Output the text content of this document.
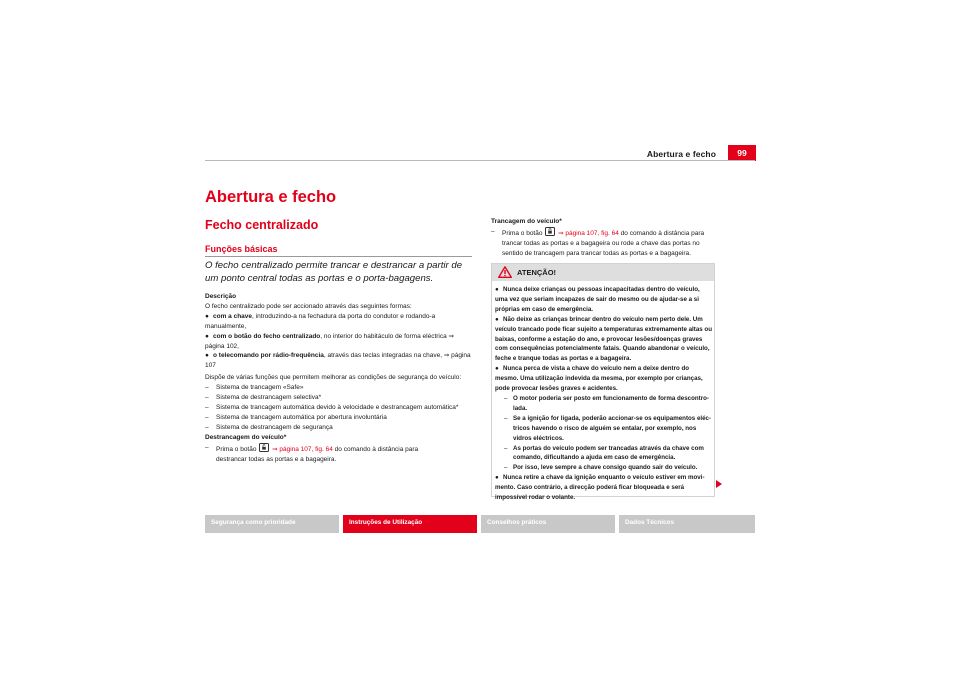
Abertura e fecho	99
Abertura e fecho
Fecho centralizado
Funções básicas
O fecho centralizado permite trancar e destrancar a partir de um ponto central todas as portas e o porta-bagagens.

Descrição

O fecho centralizado pode ser accionado através das seguintes formas:

● com a chave, introduzindo-a na fechadura da porta do condutor e rodando-a manualmente,

● com o botão do fecho centralizado, no interior do habitáculo de forma eléctrica ⇒ página 102,

● o telecomando por rádio-frequência, através das teclas integradas na chave, ⇒ página 107

Dispõe de várias funções que permitem melhorar as condições de segurança do veículo:

–	Sistema de trancagem «Safe»
–	Sistema de destrancagem selectiva*
–	Sistema de trancagem automática devido à velocidade e destrancagem automática*
–	Sistema de trancagem automática por abertura involuntária
–	Sistema de destrancagem de segurança

Destrancagem do veículo*

–	Prima o botão ⇒ página 107, fig. 64 do comando à distância para
destrancar todas as portas e a bagageira.

Trancagem do veículo*

–	Prima o botão ⇒ página 107, fig. 64 do comando à distância para trancar todas as portas e a bagageira ou rode a chave das portas no sentido de trancagem para trancar todas as portas e a bagageira.
ATENÇÃO!

● Nunca deixe crianças ou pessoas incapacitadas dentro do veículo, uma vez que seriam incapazes de sair do mesmo ou de ajudar-se a si próprias em caso de emergência.

● Não deixe as crianças brincar dentro do veículo nem perto dele. Um veículo trancado pode ficar sujeito a temperaturas extremamente altas ou baixas, conforme a estação do ano, e provocar lesões/doenças graves com consequências potencialmente fatais. Quando abandonar o veículo, feche e tranque todas as portas e a bagageira.

● Nunca perca de vista a chave do veículo nem a deixe dentro do mesmo. Uma utilização indevida da mesma, por exemplo por crianças, pode provocar lesões graves e acidentes.

– O motor poderia ser posto em funcionamento de forma descontro-lada.
– Se a ignição for ligada, poderão accionar-se os equipamentos eléc-tricos havendo o risco de alguém se entalar, por exemplo, nos vidros eléctricos.
– As portas do veículo podem ser trancadas através da chave com comando, dificultando a ajuda em caso de emergência.
– Por isso, leve sempre a chave consigo quando sair do veículo.

● Nunca retire a chave da ignição enquanto o veículo estiver em movi-mento. Caso contrário, a direcção poderá ficar bloqueada e será impossível rodar o volante.

Segurança como prioridade	Instruções de Utilização	Conselhos práticos	Dados Técnicos
